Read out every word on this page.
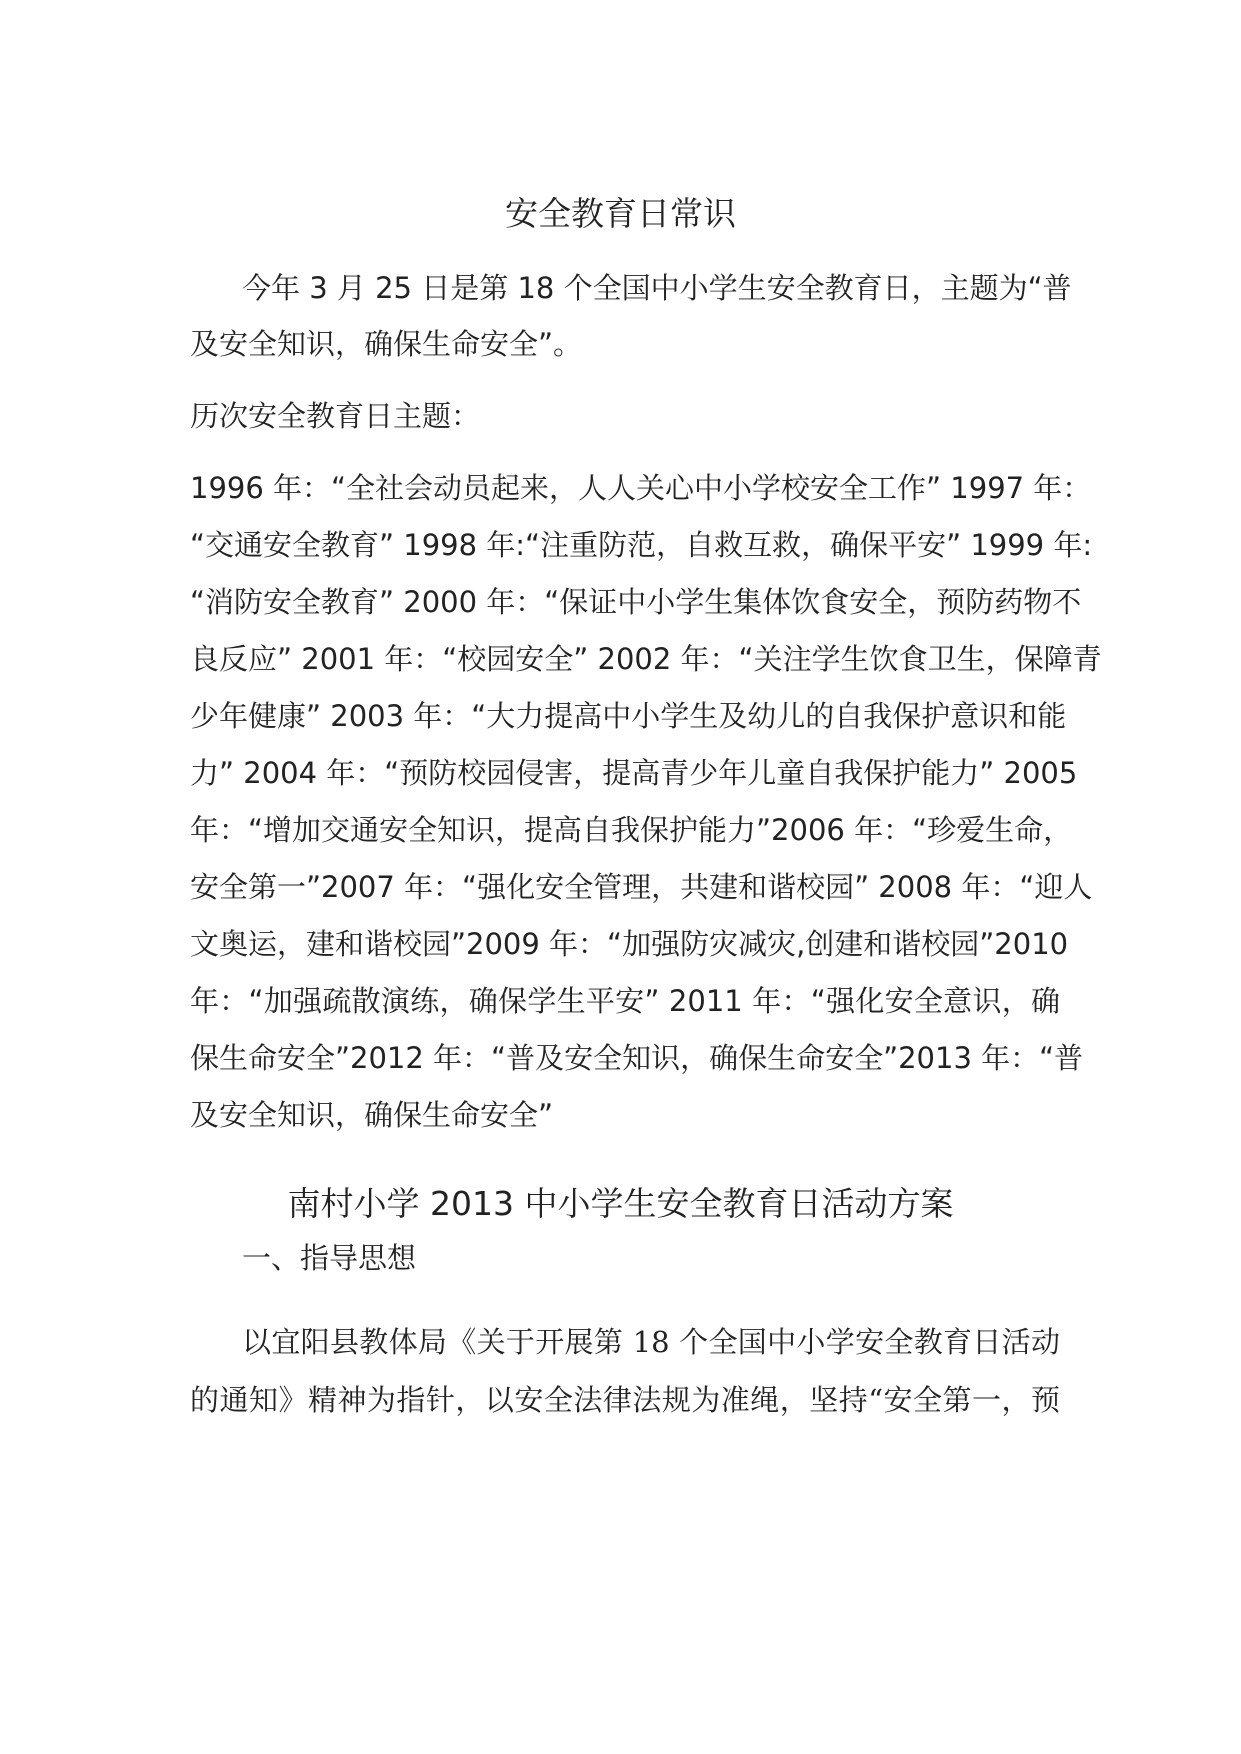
安全教育日常识
今年 3 月 25 日是第 18 个全国中小学生安全教育日，主题为“普
及安全知识，确保生命安全”。
历次安全教育日主题：
1996 年：“全社会动员起来，人人关心中小学校安全工作” 1997 年：
“交通安全教育” 1998 年:“注重防范，自救互救，确保平安” 1999 年:
“消防安全教育” 2000 年：“保证中小学生集体饮食安全，预防药物不
良反应” 2001 年：“校园安全” 2002 年：“关注学生饮食卫生，保障青
少年健康” 2003 年：“大力提高中小学生及幼儿的自我保护意识和能
力” 2004 年：“预防校园侵害，提高青少年儿童自我保护能力” 2005
年：“增加交通安全知识，提高自我保护能力”2006 年：“珍爱生命，
安全第一”2007 年：“强化安全管理，共建和谐校园” 2008 年：“迎人
文奥运，建和谐校园”2009 年：“加强防灾减灾,创建和谐校园”2010
年：“加强疏散演练，确保学生平安” 2011 年：“强化安全意识，确
保生命安全”2012 年：“普及安全知识，确保生命安全”2013 年：“普
及安全知识，确保生命安全”
南村小学 2013 中小学生安全教育日活动方案
一、指导思想
以宜阳县教体局《关于开展第 18 个全国中小学安全教育日活动
的通知》精神为指针，以安全法律法规为准绳，坚持“安全第一，预
